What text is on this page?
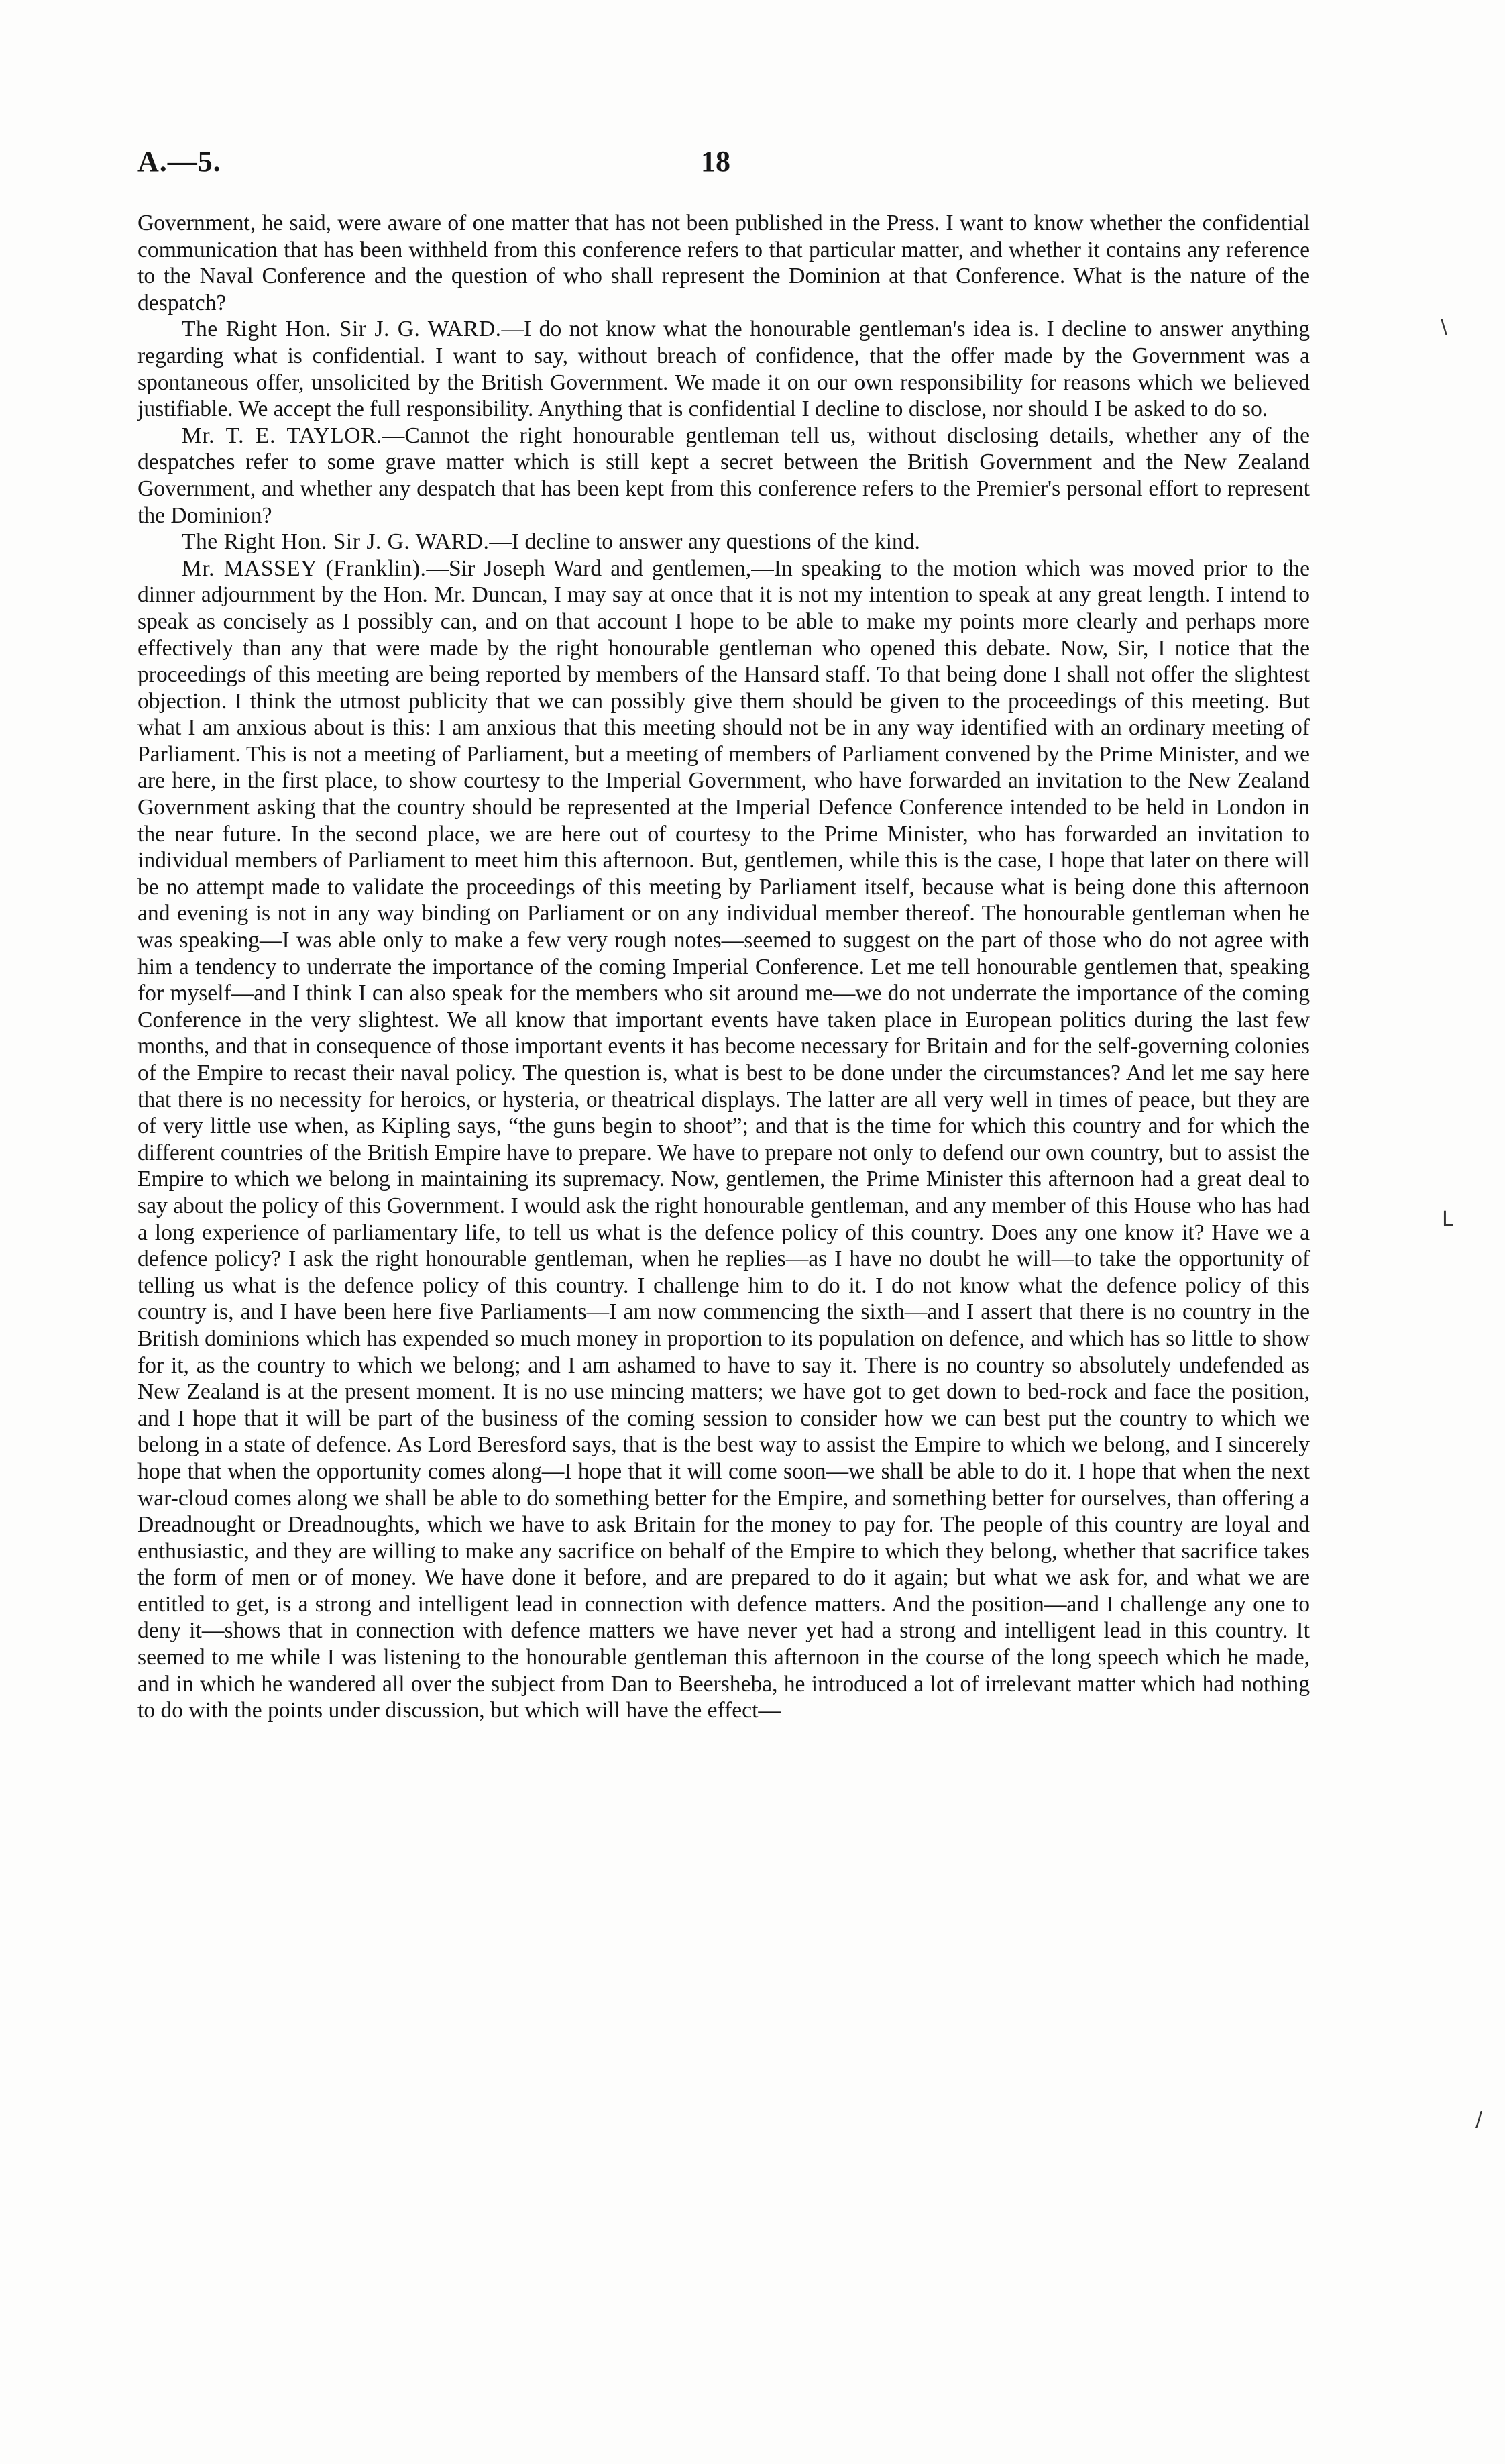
A.—5.	18

Government, he said, were aware of one matter that has not been published in the Press. I want to know whether the confidential communication that has been withheld from this conference refers to that particular matter, and whether it contains any reference to the Naval Conference and the question of who shall represent the Dominion at that Conference. What is the nature of the despatch?

The Right Hon. Sir J. G. WARD.—I do not know what the honourable gentleman's idea is. I decline to answer anything regarding what is confidential. I want to say, without breach of confidence, that the offer made by the Government was a spontaneous offer, unsolicited by the British Government. We made it on our own responsibility for reasons which we believed justifiable. We accept the full responsibility. Anything that is confidential I decline to disclose, nor should I be asked to do so.

Mr. T. E. TAYLOR.—Cannot the right honourable gentleman tell us, without disclosing details, whether any of the despatches refer to some grave matter which is still kept a secret between the British Government and the New Zealand Government, and whether any despatch that has been kept from this conference refers to the Premier's personal effort to represent the Dominion?

The Right Hon. Sir J. G. WARD.—I decline to answer any questions of the kind.

Mr. MASSEY (Franklin).—Sir Joseph Ward and gentlemen,—In speaking to the motion which was moved prior to the dinner adjournment by the Hon. Mr. Duncan, I may say at once that it is not my intention to speak at any great length. I intend to speak as concisely as I possibly can, and on that account I hope to be able to make my points more clearly and perhaps more effectively than any that were made by the right honourable gentleman who opened this debate. Now, Sir, I notice that the proceedings of this meeting are being reported by members of the Hansard staff. To that being done I shall not offer the slightest objection. I think the utmost publicity that we can possibly give them should be given to the proceedings of this meeting. But what I am anxious about is this: I am anxious that this meeting should not be in any way identified with an ordinary meeting of Parliament. This is not a meeting of Parliament, but a meeting of members of Parliament convened by the Prime Minister, and we are here, in the first place, to show courtesy to the Imperial Government, who have forwarded an invitation to the New Zealand Government asking that the country should be represented at the Imperial Defence Conference intended to be held in London in the near future. In the second place, we are here out of courtesy to the Prime Minister, who has forwarded an invitation to individual members of Parliament to meet him this afternoon. But, gentlemen, while this is the case, I hope that later on there will be no attempt made to validate the proceedings of this meeting by Parliament itself, because what is being done this afternoon and evening is not in any way binding on Parliament or on any individual member thereof. The honourable gentleman when he was speaking—I was able only to make a few very rough notes—seemed to suggest on the part of those who do not agree with him a tendency to underrate the importance of the coming Imperial Conference. Let me tell honourable gentlemen that, speaking for myself—and I think I can also speak for the members who sit around me—we do not underrate the importance of the coming Conference in the very slightest. We all know that important events have taken place in European politics during the last few months, and that in consequence of those important events it has become necessary for Britain and for the self-governing colonies of the Empire to recast their naval policy. The question is, what is best to be done under the circumstances? And let me say here that there is no necessity for heroics, or hysteria, or theatrical displays. The latter are all very well in times of peace, but they are of very little use when, as Kipling says, “the guns begin to shoot”; and that is the time for which this country and for which the different countries of the British Empire have to prepare. We have to prepare not only to defend our own country, but to assist the Empire to which we belong in maintaining its supremacy. Now, gentlemen, the Prime Minister this afternoon had a great deal to say about the policy of this Government. I would ask the right honourable gentleman, and any member of this House who has had a long experience of parliamentary life, to tell us what is the defence policy of this country. Does any one know it? Have we a defence policy? I ask the right honourable gentleman, when he replies—as I have no doubt he will—to take the opportunity of telling us what is the defence policy of this country. I challenge him to do it. I do not know what the defence policy of this country is, and I have been here five Parliaments—I am now commencing the sixth—and I assert that there is no country in the British dominions which has expended so much money in proportion to its population on defence, and which has so little to show for it, as the country to which we belong; and I am ashamed to have to say it. There is no country so absolutely undefended as New Zealand is at the present moment. It is no use mincing matters; we have got to get down to bed-rock and face the position, and I hope that it will be part of the business of the coming session to consider how we can best put the country to which we belong in a state of defence. As Lord Beresford says, that is the best way to assist the Empire to which we belong, and I sincerely hope that when the opportunity comes along—I hope that it will come soon—we shall be able to do it. I hope that when the next war-cloud comes along we shall be able to do something better for the Empire, and something better for ourselves, than offering a Dreadnought or Dreadnoughts, which we have to ask Britain for the money to pay for. The people of this country are loyal and enthusiastic, and they are willing to make any sacrifice on behalf of the Empire to which they belong, whether that sacrifice takes the form of men or of money. We have done it before, and are prepared to do it again; but what we ask for, and what we are entitled to get, is a strong and intelligent lead in connection with defence matters. And the position—and I challenge any one to deny it—shows that in connection with defence matters we have never yet had a strong and intelligent lead in this country. It seemed to me while I was listening to the honourable gentleman this afternoon in the course of the long speech which he made, and in which he wandered all over the subject from Dan to Beersheba, he introduced a lot of irrelevant matter which had nothing to do with the points under discussion, but which will have the effect—

\
L
/
